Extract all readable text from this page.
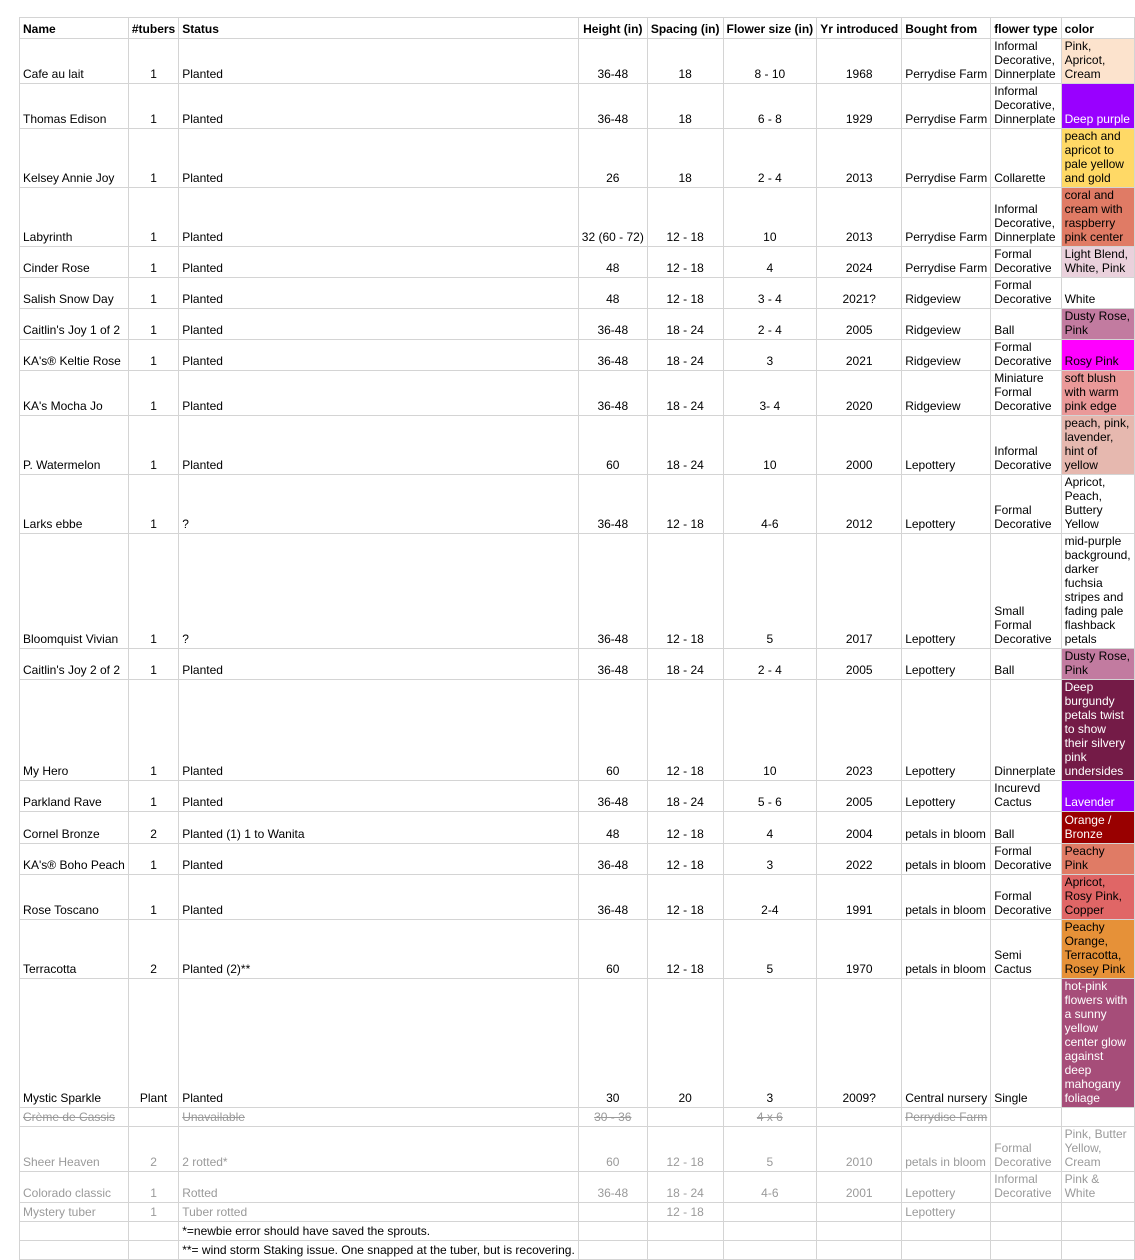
Name	#tubers	Status	Height (in)	Spacing (in)	Flower size (in)	Yr introduced	Bought from	flower type	color
Cafe au lait	1	Planted	36-48	18	8 - 10	1968	Perrydise Farm	Informal Decorative, Dinnerplate	Pink, Apricot, Cream
Thomas Edison	1	Planted	36-48	18	6 - 8	1929	Perrydise Farm	Informal Decorative, Dinnerplate	Deep purple
Kelsey Annie Joy	1	Planted	26	18	2 - 4	2013	Perrydise Farm	Collarette	peach and apricot to pale yellow and gold
Labyrinth	1	Planted	32 (60 - 72)	12 - 18	10	2013	Perrydise Farm	Informal Decorative, Dinnerplate	coral and cream with raspberry pink center
Cinder Rose	1	Planted	48	12 - 18	4	2024	Perrydise Farm	Formal Decorative	Light Blend, White, Pink
Salish Snow Day	1	Planted	48	12 - 18	3 - 4	2021?	Ridgeview	Formal Decorative	White
Caitlin's Joy 1 of 2	1	Planted	36-48	18 - 24	2 - 4	2005	Ridgeview	Ball	Dusty Rose, Pink
KA's® Keltie Rose	1	Planted	36-48	18 - 24	3	2021	Ridgeview	Formal Decorative	Rosy Pink
KA's Mocha Jo	1	Planted	36-48	18 - 24	3- 4	2020	Ridgeview	Miniature Formal Decorative	soft blush with warm pink edge
P. Watermelon	1	Planted	60	18 - 24	10	2000	Lepottery	Informal Decorative	peach, pink, lavender, hint of yellow
Larks ebbe	1	?	36-48	12 - 18	4-6	2012	Lepottery	Formal Decorative	Apricot, Peach, Buttery Yellow
Bloomquist Vivian	1	?	36-48	12 - 18	5	2017	Lepottery	Small Formal Decorative	mid-purple background, darker fuchsia stripes and fading pale flashback petals
Caitlin's Joy 2 of 2	1	Planted	36-48	18 - 24	2 - 4	2005	Lepottery	Ball	Dusty Rose, Pink
My Hero	1	Planted	60	12 - 18	10	2023	Lepottery	Dinnerplate	Deep burgundy petals twist to show their silvery pink undersides
Parkland Rave	1	Planted	36-48	18 - 24	5 - 6	2005	Lepottery	Incurevd Cactus	Lavender
Cornel Bronze	2	Planted (1) 1 to Wanita	48	12 - 18	4	2004	petals in bloom	Ball	Orange / Bronze
KA's® Boho Peach	1	Planted	36-48	12 - 18	3	2022	petals in bloom	Formal Decorative	Peachy Pink
Rose Toscano	1	Planted	36-48	12 - 18	2-4	1991	petals in bloom	Formal Decorative	Apricot, Rosy Pink, Copper
Terracotta	2	Planted (2)**	60	12 - 18	5	1970	petals in bloom	Semi Cactus	Peachy Orange, Terracotta, Rosey Pink
Mystic Sparkle	Plant	Planted	30	20	3	2009?	Central nursery	Single	hot-pink flowers with a sunny yellow center glow against deep mahogany foliage
Crème de Cassis		Unavailable	30 - 36		4 x 6		Perrydise Farm		
Sheer Heaven	2	2 rotted*	60	12 - 18	5	2010	petals in bloom	Formal Decorative	Pink, Butter Yellow, Cream
Colorado classic	1	Rotted	36-48	18 - 24	4-6	2001	Lepottery	Informal Decorative	Pink & White
Mystery tuber	1	Tuber rotted		12 - 18			Lepottery		
		*=newbie error should have saved the sprouts.							
		**= wind storm Staking issue. One snapped at the tuber, but is recovering.							
